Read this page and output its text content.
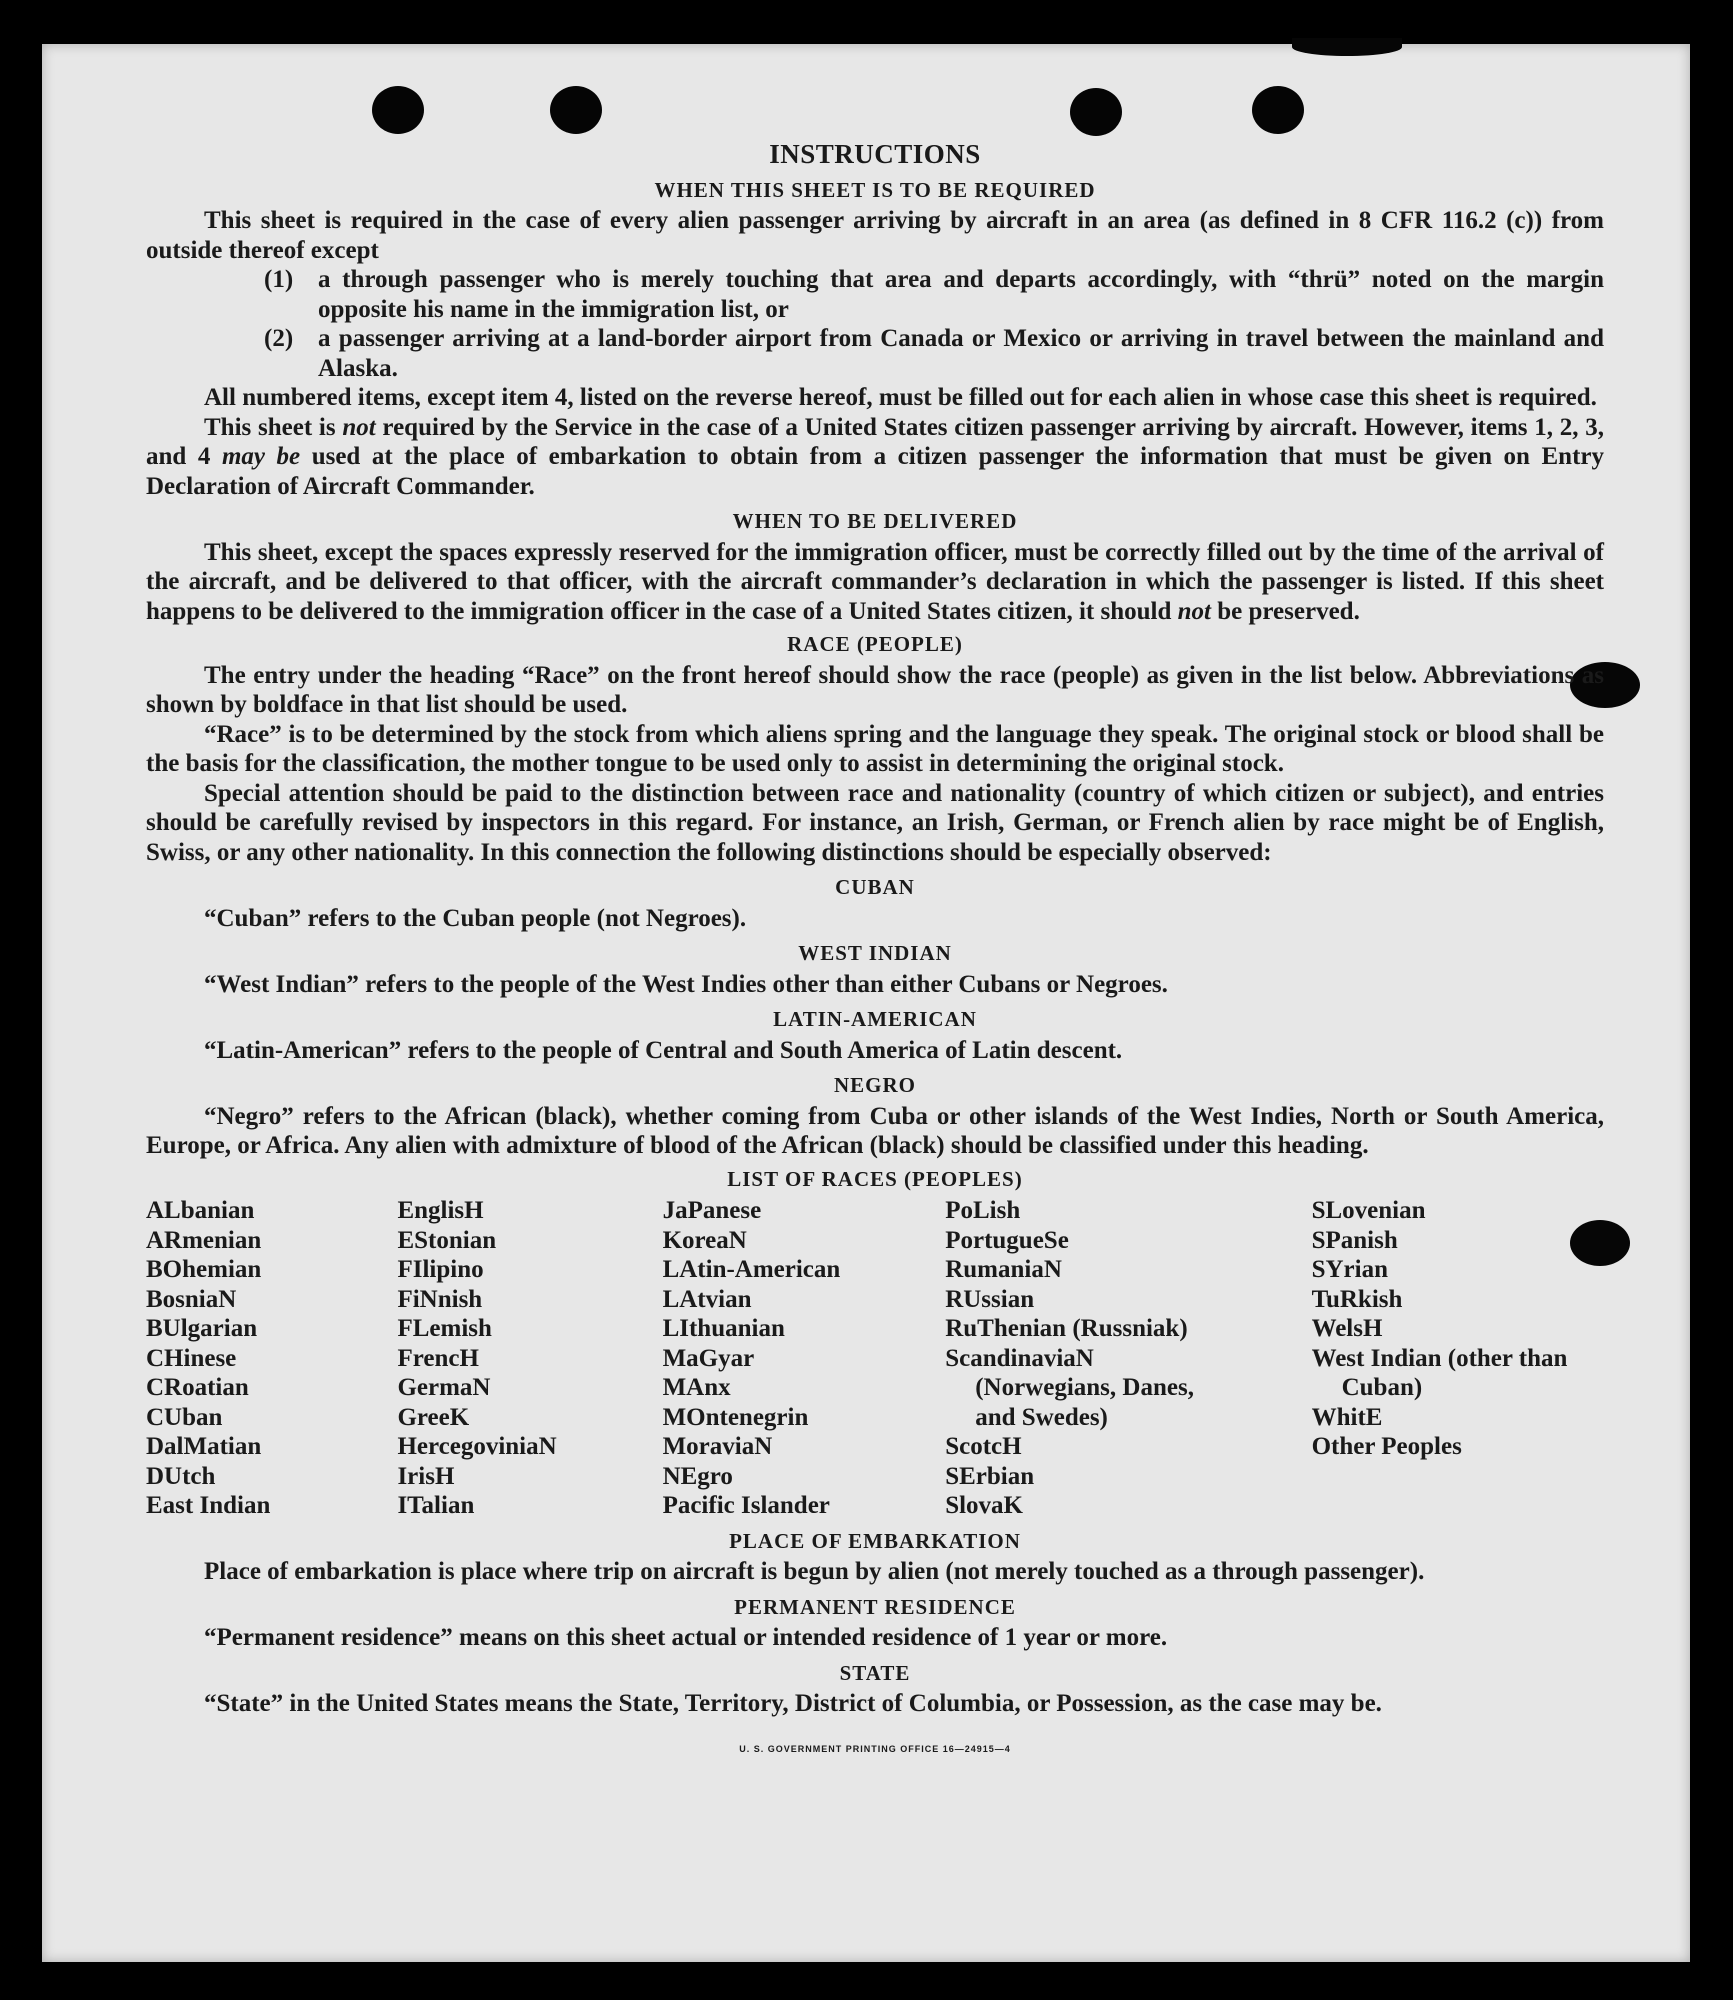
INSTRUCTIONS
WHEN THIS SHEET IS TO BE REQUIRED

This sheet is required in the case of every alien passenger arriving by aircraft in an area (as defined in 8 CFR 116.2 (c)) from outside thereof except

(1) a through passenger who is merely touching that area and departs accordingly, with “thrü” noted on the margin opposite his name in the immigration list, or
(2) a passenger arriving at a land-border airport from Canada or Mexico or arriving in travel between the mainland and Alaska.

All numbered items, except item 4, listed on the reverse hereof, must be filled out for each alien in whose case this sheet is required.

This sheet is not required by the Service in the case of a United States citizen passenger arriving by aircraft. However, items 1, 2, 3, and 4 may be used at the place of embarkation to obtain from a citizen passenger the information that must be given on Entry Declaration of Aircraft Commander.

WHEN TO BE DELIVERED

This sheet, except the spaces expressly reserved for the immigration officer, must be correctly filled out by the time of the arrival of the aircraft, and be delivered to that officer, with the aircraft commander’s declaration in which the passenger is listed. If this sheet happens to be delivered to the immigration officer in the case of a United States citizen, it should not be preserved.

RACE (PEOPLE)

The entry under the heading “Race” on the front hereof should show the race (people) as given in the list below. Abbreviations as shown by boldface in that list should be used.

“Race” is to be determined by the stock from which aliens spring and the language they speak. The original stock or blood shall be the basis for the classification, the mother tongue to be used only to assist in determining the original stock.

Special attention should be paid to the distinction between race and nationality (country of which citizen or subject), and entries should be carefully revised by inspectors in this regard. For instance, an Irish, German, or French alien by race might be of English, Swiss, or any other nationality. In this connection the following distinctions should be especially observed:

CUBAN

“Cuban” refers to the Cuban people (not Negroes).

WEST INDIAN

“West Indian” refers to the people of the West Indies other than either Cubans or Negroes.

LATIN-AMERICAN

“Latin-American” refers to the people of Central and South America of Latin descent.

NEGRO

“Negro” refers to the African (black), whether coming from Cuba or other islands of the West Indies, North or South America, Europe, or Africa. Any alien with admixture of blood of the African (black) should be classified under this heading.

LIST OF RACES (PEOPLES)
ALbanian
ARmenian
BOhemian
BosniaN
BUlgarian
CHinese
CRoatian
CUban
DalMatian
DUtch
East Indian
EnglisH
EStonian
FIlipino
FiNnish
FLemish
FrencH
GermaN
GreeK
HercegoviniaN
IrisH
ITalian
JaPanese
KoreaN
LAtin-American
LAtvian
LIthuanian
MaGyar
MAnx
MOntenegrin
MoraviaN
NEgro
Pacific Islander
PoLish
PortugueSe
RumaniaN
RUssian
RuThenian (Russniak)
ScandinaviaN (Norwegians, Danes, and Swedes)
ScotcH
SErbian
SlovaK
SLovenian
SPanish
SYrian
TuRkish
WelsH
West Indian (other than Cuban)
WhitE
Other Peoples
PLACE OF EMBARKATION

Place of embarkation is place where trip on aircraft is begun by alien (not merely touched as a through passenger).

PERMANENT RESIDENCE

“Permanent residence” means on this sheet actual or intended residence of 1 year or more.

STATE

“State” in the United States means the State, Territory, District of Columbia, or Possession, as the case may be.

U. S. GOVERNMENT PRINTING OFFICE 16—24915—4
